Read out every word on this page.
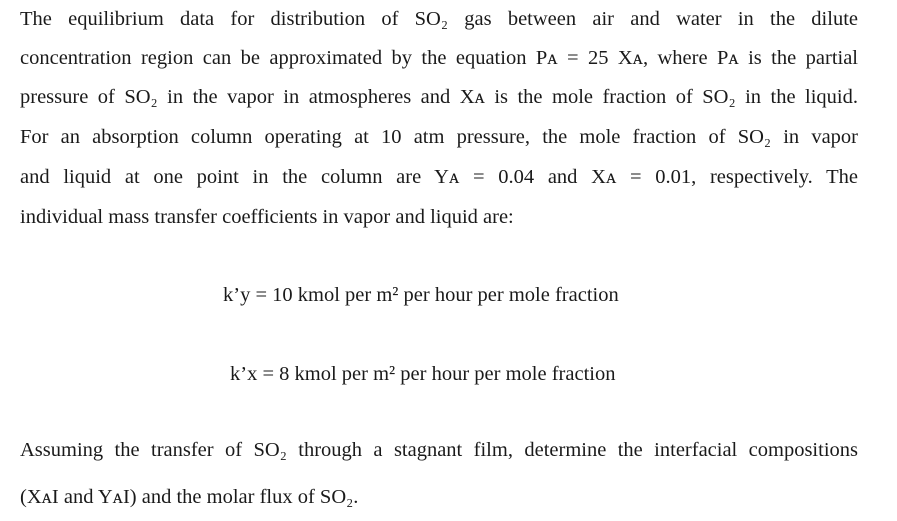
The equilibrium data for distribution of SO₂ gas between air and water in the dilute
concentration region can be approximated by the equation Pᴀ = 25 Xᴀ, where Pᴀ is the partial
pressure of SO₂ in the vapor in atmospheres and Xᴀ is the mole fraction of SO₂ in the liquid.
For an absorption column operating at 10 atm pressure, the mole fraction of SO₂ in vapor
and liquid at one point in the column are Yᴀ = 0.04 and Xᴀ = 0.01, respectively. The
individual mass transfer coefficients in vapor and liquid are:
k’y = 10 kmol per m² per hour per mole fraction
k’x = 8 kmol per m² per hour per mole fraction
Assuming the transfer of SO₂ through a stagnant film, determine the interfacial compositions
(XᴀI and YᴀI) and the molar flux of SO₂.
